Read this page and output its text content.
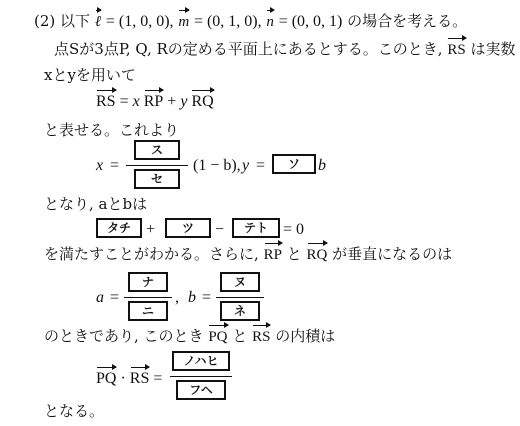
(2) 以下 ℓ = (1, 0, 0), m = (0, 1, 0), n = (0, 0, 1) の場合を考える。
点Sが3点P, Q, Rの定める平面上にあるとする。このとき, RS は実数
xとyを用いて
RS = x RP + y RQ
と表せる。これより
x =
ス
セ
(1 − b), y =	ソ	b
となり, aとbは
タチ +	ツ	−	テト = 0
を満たすことがわかる。さらに, RP と RQ が垂直になるのは
a =
ナ
ニ
, b =
ヌ
ネ
のときであり, このとき PQ と RS の内積は
PQ · RS =
ノハヒ
フヘ
となる。
